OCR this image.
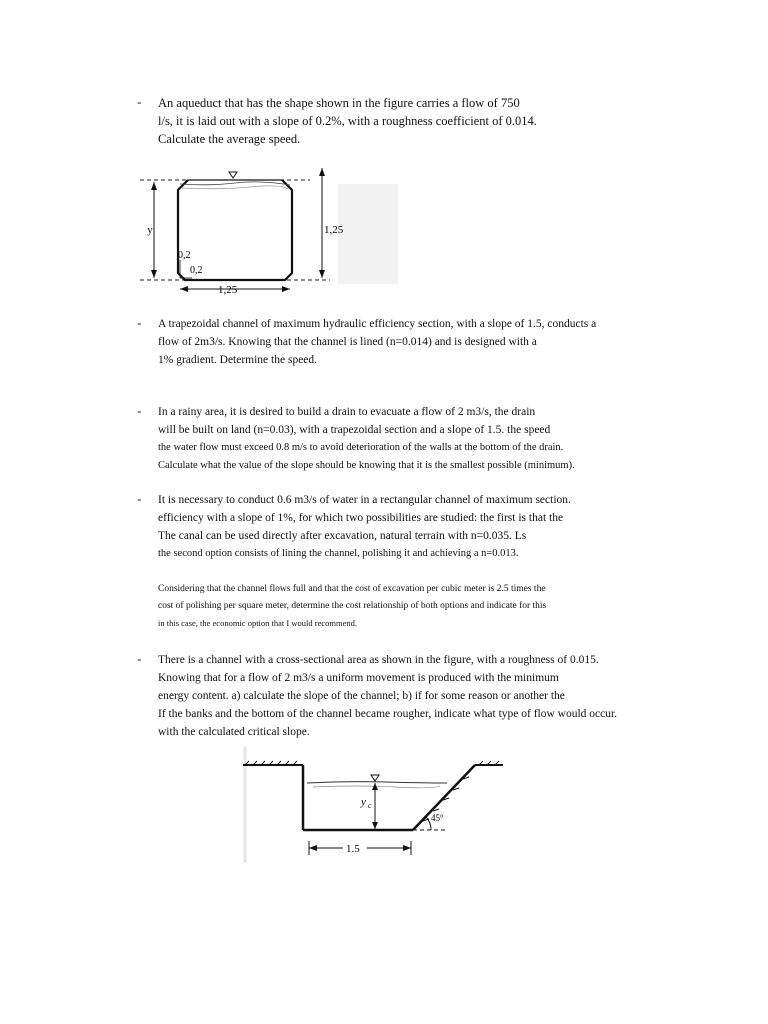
- An aqueduct that has the shape shown in the figure carries a flow of 750
l/s, it is laid out with a slope of 0.2%, with a roughness coefficient of 0.014.
Calculate the average speed.
y	1,25
1,25
0,2
0,2
- A trapezoidal channel of maximum hydraulic efficiency section, with a slope of 1.5, conducts a
flow of 2m3/s. Knowing that the channel is lined (n=0.014) and is designed with a
1% gradient. Determine the speed.
- In a rainy area, it is desired to build a drain to evacuate a flow of 2 m3/s, the drain
will be built on land (n=0.03), with a trapezoidal section and a slope of 1.5. the speed
the water flow must exceed 0.8 m/s to avoid deterioration of the walls at the bottom of the drain.
Calculate what the value of the slope should be knowing that it is the smallest possible (minimum).
- It is necessary to conduct 0.6 m3/s of water in a rectangular channel of maximum section.
efficiency with a slope of 1%, for which two possibilities are studied: the first is that the
The canal can be used directly after excavation, natural terrain with n=0.035. Ls
the second option consists of lining the channel, polishing it and achieving a n=0.013.
Considering that the channel flows full and that the cost of excavation per cubic meter is 2.5 times the
cost of polishing per square meter, determine the cost relationship of both options and indicate for this
in this case, the economic option that I would recommend.
- There is a channel with a cross-sectional area as shown in the figure, with a roughness of 0.015.
Knowing that for a flow of 2 m3/s a uniform movement is produced with the minimum
energy content. a) calculate the slope of the channel; b) if for some reason or another the
If the banks and the bottom of the channel became rougher, indicate what type of flow would occur.
with the calculated critical slope.
y c
45°
1.5
